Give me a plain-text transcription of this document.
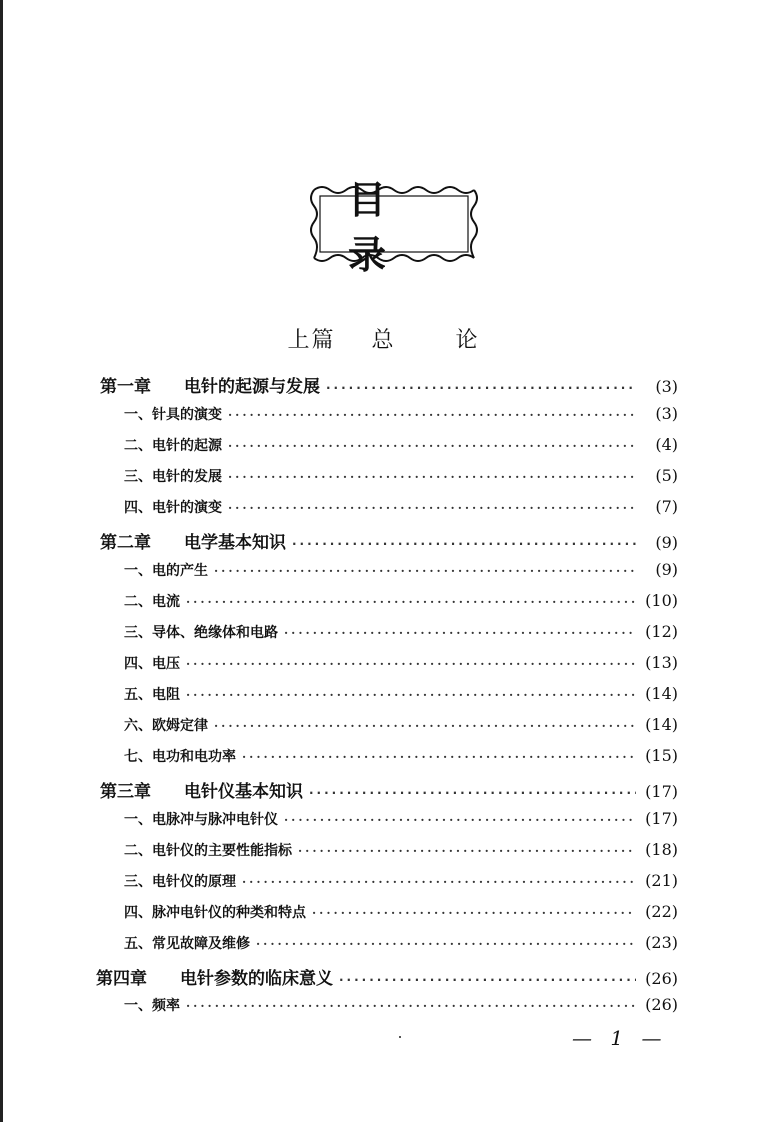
目录
上篇 总	论
第一章	电针的起源与发展 ·····	(3)
一、针具的演变 ·····	(3)
二、电针的起源 ·····	(4)
三、电针的发展 ·····	(5)
四、电针的演变 ·····	(7)
第二章	电学基本知识 ·····	(9)
一、电的产生 ·····	(9)
二、电流 ·····	(10)
三、导体、绝缘体和电路 ·····	(12)
四、电压 ·····	(13)
五、电阻 ·····	(14)
六、欧姆定律 ·····	(14)
七、电功和电功率 ·····	(15)
第三章	电针仪基本知识 ·····	(17)
一、电脉冲与脉冲电针仪 ·····	(17)
二、电针仪的主要性能指标 ·····	(18)
三、电针仪的原理 ·····	(21)
四、脉冲电针仪的种类和特点 ·····	(22)
五、常见故障及维修 ·····	(23)
第四章	电针参数的临床意义 ·····	(26)
一、频率 ·····	(26)
— 1 —
